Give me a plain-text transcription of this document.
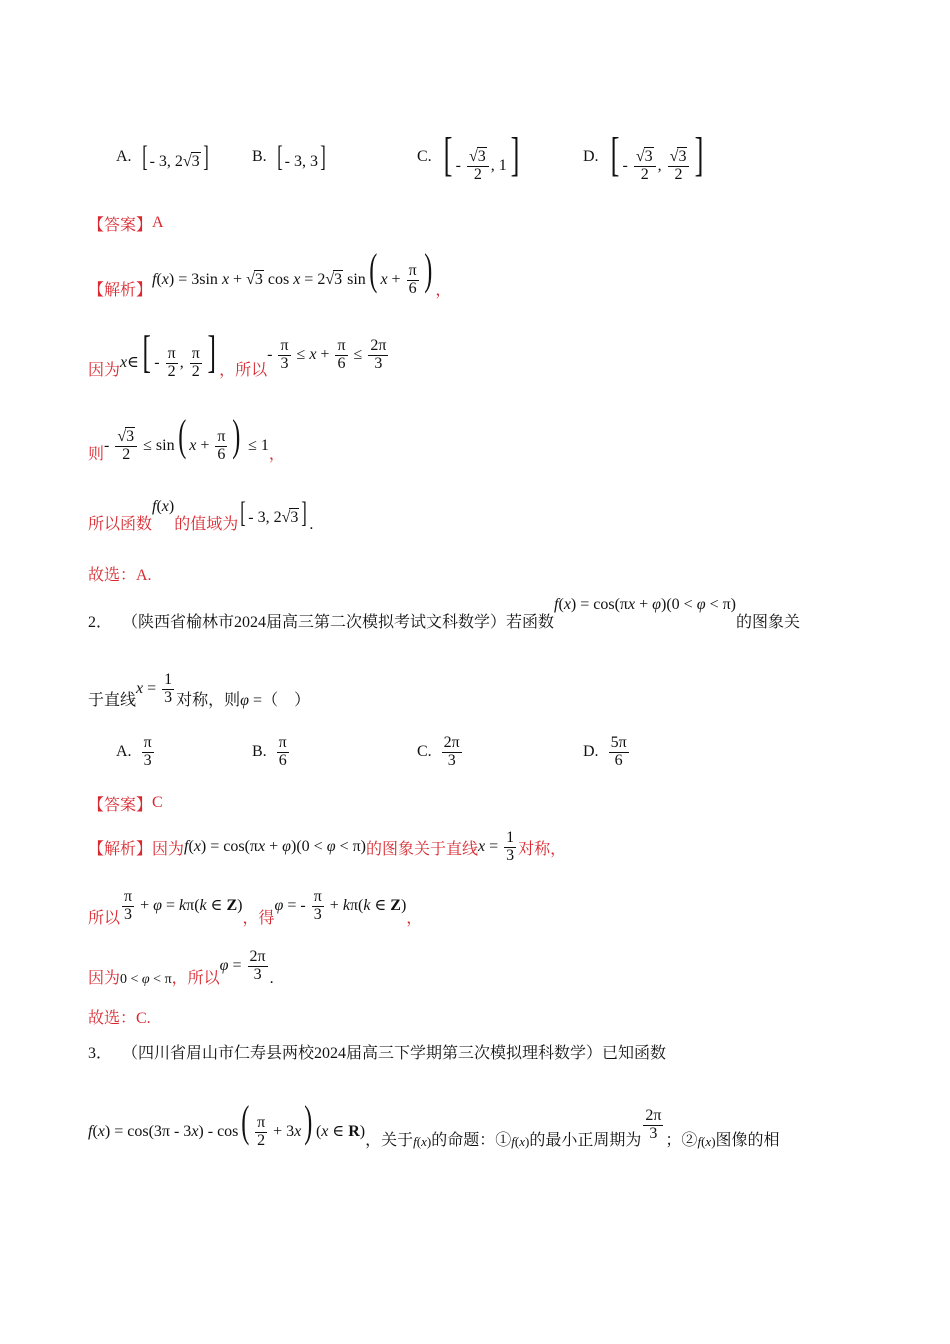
A. [ - 3, 2√3 ]	B. [ - 3, 3]	C. [ - $\frac{√3}{2}$ , 1]	D. [ - $\frac{√3}{2}$ , $\frac{√3}{2}$ ]
【答案】 A
【解析】
f(x) = 3sin x + √3 cos x = 2√3 sin( $x + \frac{\pi}{6}$ ) ，
因为 x∈[ - $\frac{\pi}{2}$ , $\frac{\pi}{2}$ ] ，所以
- $\frac{\pi}{3} \le x + \frac{\pi}{6} \le \frac{2\pi}{3}$
则
- $\frac{√3}{2} \le \sin$( $x + \frac{\pi}{6}$ ) ≤ 1
，
所以函数
f(x)
的值域为 [ - 3, 2√3 ] .
故选：A.
2． （陕西省榆林市2024届高三第二次模拟考试文科数学）若函数
f(x) = cos(πx + φ)(0 < φ < π)
的图象关
于直线
$x = \frac{1}{3}$ 对称，则 φ = （　）
A. $\frac{\pi}{3}$	B. $\frac{\pi}{6}$	C. $\frac{2\pi}{3}$	D. $\frac{5\pi}{6}$
【答案】 C
【解析】 因为 f(x) = cos(πx + φ)(0 < φ < π) 的图象关于直线 $x = \frac{1}{3}$ 对称，
所以 $\frac{\pi}{3} + \varphi = k\pi(k$ ∈ Z)
，得
φ = - $\frac{\pi}{3} + k\pi(k$ ∈ Z)
，
因为 0 < φ < π ，所以
$\varphi = \frac{2\pi}{3}$ .
故选：C.
3． （四川省眉山市仁寿县两校2024届高三下学期第三次模拟理科数学）已知函数
$f(x) = \cos(3\pi - 3x) - \cos( \frac{\pi}{2} + 3x)$ (x ∈ R)
，关于 f(x) 的命题：① f(x) 的最小正周期为 $\frac{2\pi}{3}$ ；② f(x) 图像的相
